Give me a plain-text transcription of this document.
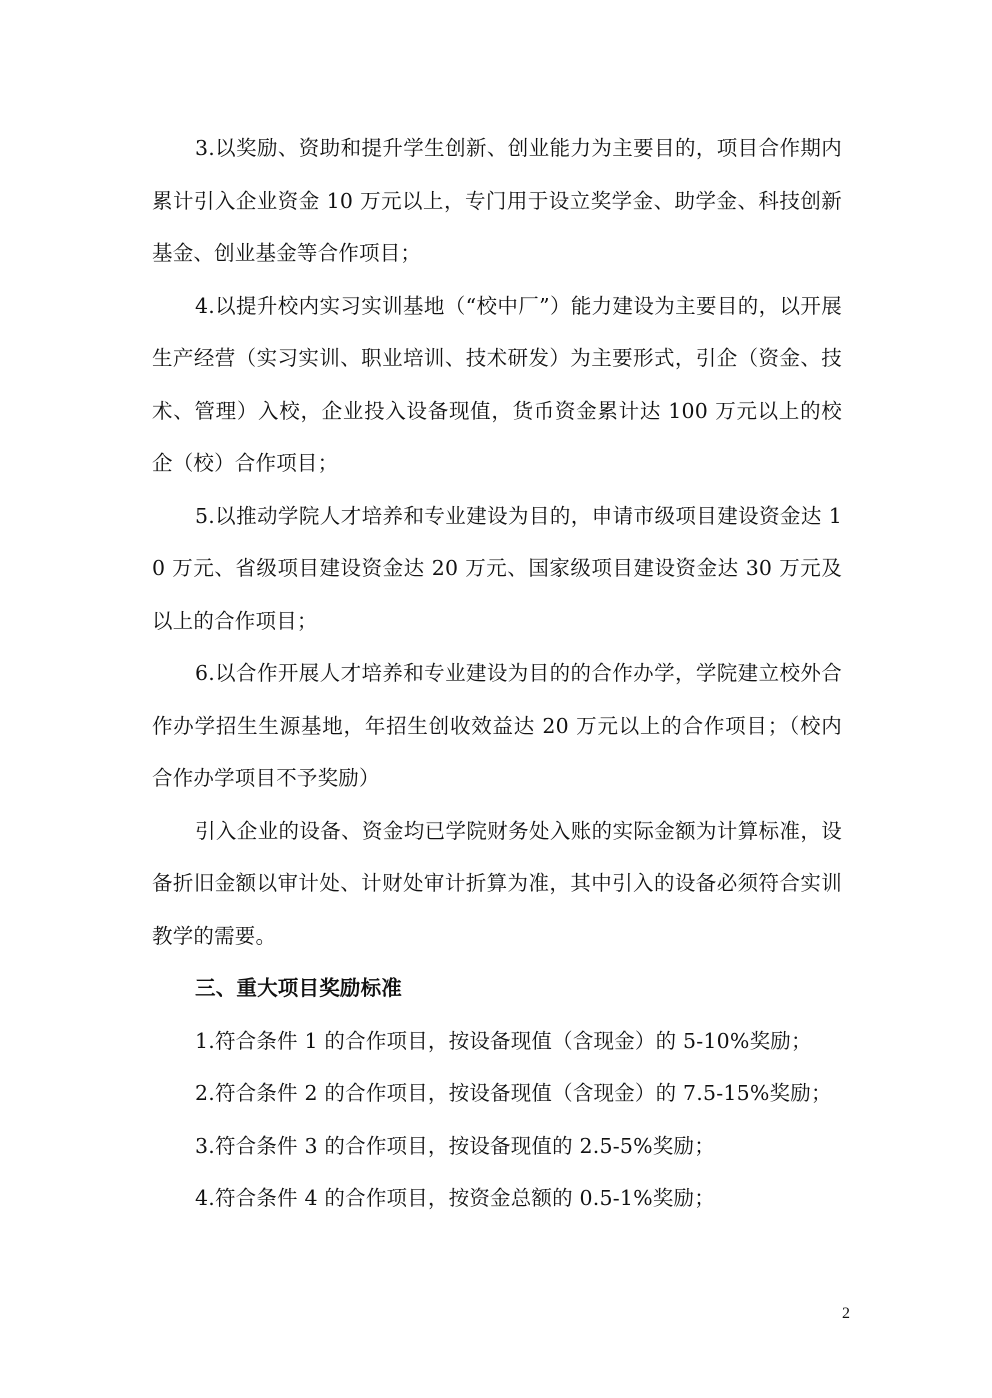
3.以奖励、资助和提升学生创新、创业能力为主要目的，项目合作期内累计引入企业资金 10 万元以上，专门用于设立奖学金、助学金、科技创新基金、创业基金等合作项目；

4.以提升校内实习实训基地（“校中厂”）能力建设为主要目的，以开展生产经营（实习实训、职业培训、技术研发）为主要形式，引企（资金、技术、管理）入校，企业投入设备现值，货币资金累计达 100 万元以上的校企（校）合作项目；

5.以推动学院人才培养和专业建设为目的，申请市级项目建设资金达 10 万元、省级项目建设资金达 20 万元、国家级项目建设资金达 30 万元及以上的合作项目；

6.以合作开展人才培养和专业建设为目的的合作办学，学院建立校外合作办学招生生源基地，年招生创收效益达 20 万元以上的合作项目；（校内合作办学项目不予奖励）

引入企业的设备、资金均已学院财务处入账的实际金额为计算标准，设备折旧金额以审计处、计财处审计折算为准，其中引入的设备必须符合实训教学的需要。

三、重大项目奖励标准

1.符合条件 1 的合作项目，按设备现值（含现金）的 5-10%奖励；

2.符合条件 2 的合作项目，按设备现值（含现金）的 7.5-15%奖励；

3.符合条件 3 的合作项目，按设备现值的 2.5-5%奖励；

4.符合条件 4 的合作项目，按资金总额的 0.5-1%奖励；

2
